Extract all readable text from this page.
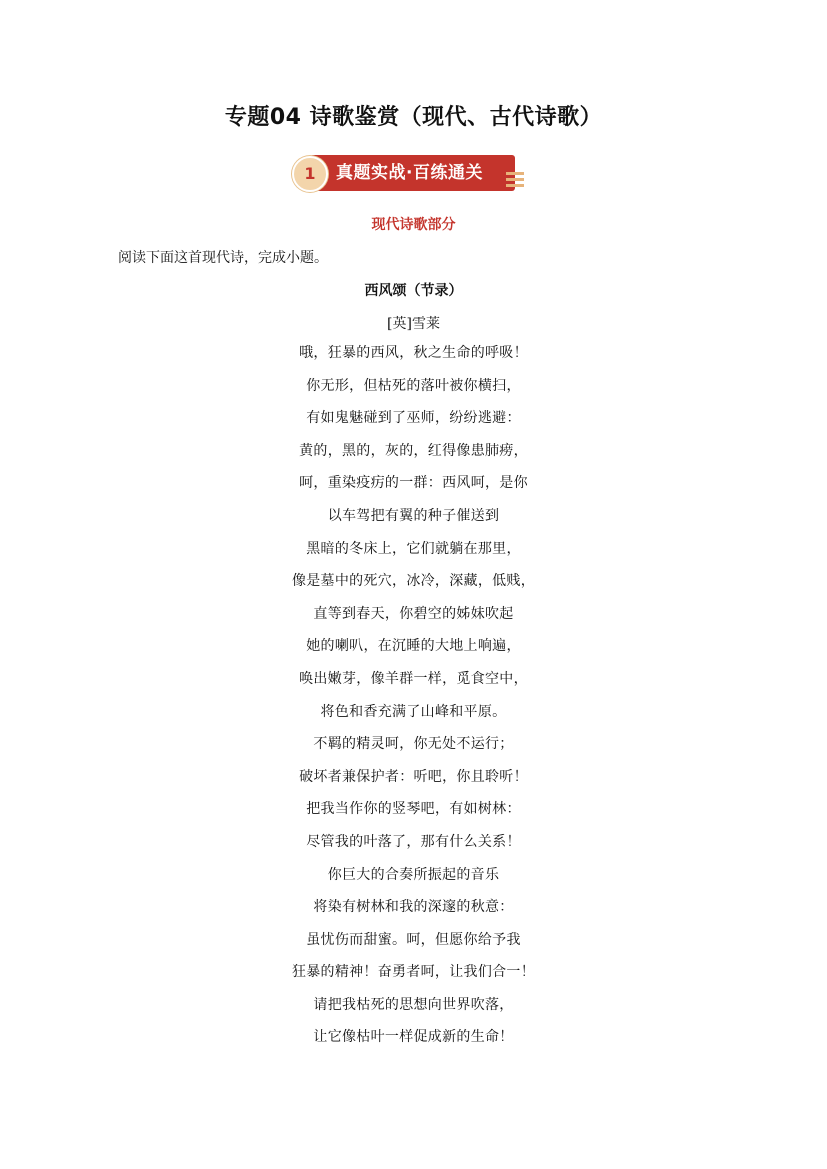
专题04 诗歌鉴赏（现代、古代诗歌）
1	真题实战·百练通关
现代诗歌部分
阅读下面这首现代诗，完成小题。
西风颂（节录）
[英]雪莱
哦，狂暴的西风，秋之生命的呼吸！
你无形，但枯死的落叶被你横扫，
有如鬼魅碰到了巫师，纷纷逃避：
黄的，黑的，灰的，红得像患肺痨，
呵，重染疫疠的一群：西风呵，是你
以车驾把有翼的种子催送到
黑暗的冬床上，它们就躺在那里，
像是墓中的死穴，冰冷，深藏，低贱，
直等到春天，你碧空的姊妹吹起
她的喇叭，在沉睡的大地上响遍，
唤出嫩芽，像羊群一样，觅食空中，
将色和香充满了山峰和平原。
不羁的精灵呵，你无处不运行；
破坏者兼保护者：听吧，你且聆听！
把我当作你的竖琴吧，有如树林：
尽管我的叶落了，那有什么关系！
你巨大的合奏所振起的音乐
将染有树林和我的深邃的秋意：
虽忧伤而甜蜜。呵，但愿你给予我
狂暴的精神！奋勇者呵，让我们合一！
请把我枯死的思想向世界吹落，
让它像枯叶一样促成新的生命！
